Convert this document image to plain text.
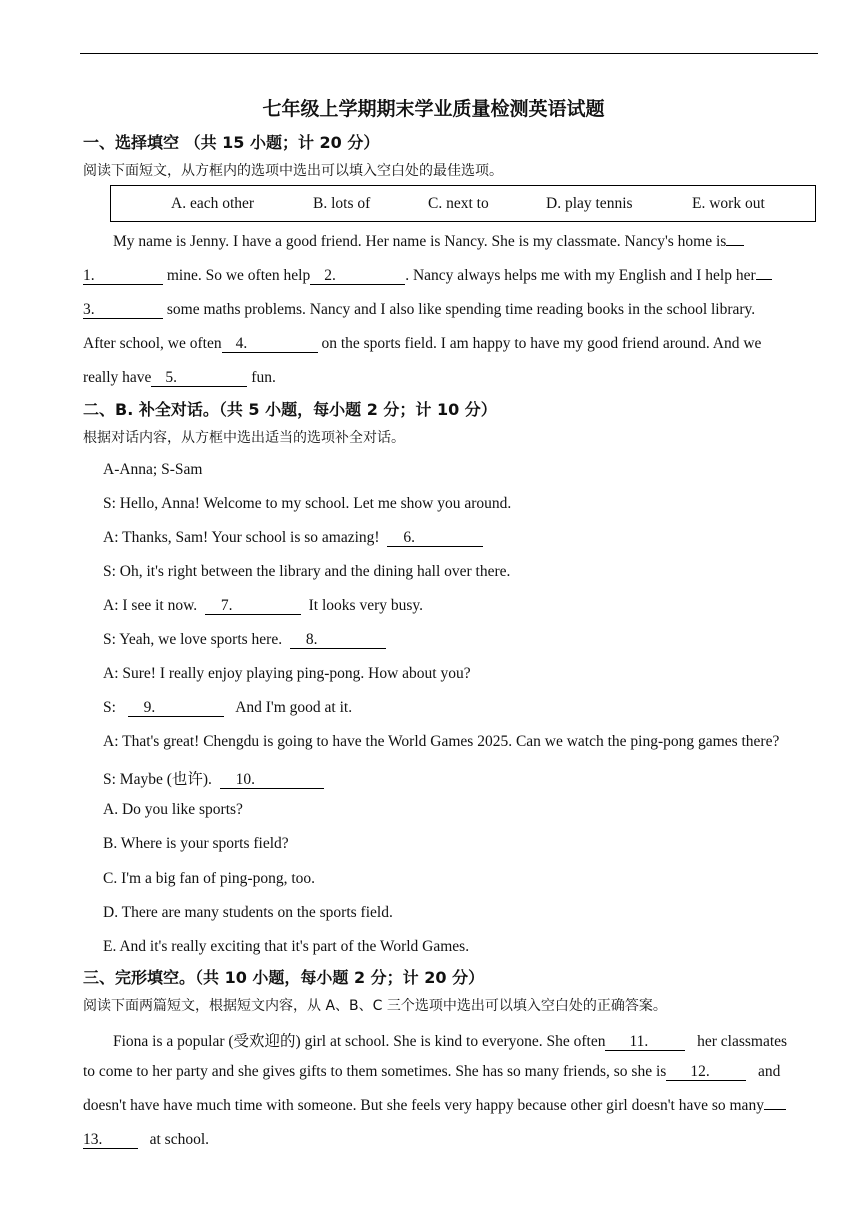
七年级上学期期末学业质量检测英语试题
一、选择填空 （共 15 小题；计 20 分）
阅读下面短文，从方框内的选项中选出可以填入空白处的最佳选项。
A. each other	B. lots of	C. next to	D. play tennis	E. work out
My name is Jenny. I have a good friend. Her name is Nancy. She is my classmate. Nancy's home is
1.	mine. So we often help 2.	. Nancy always helps me with my English and I help her
3.	some maths problems. Nancy and I also like spending time reading books in the school library.
After school, we often 4.	on the sports field. I am happy to have my good friend around. And we
really have 5.	fun.
二、B. 补全对话。（共 5 小题，每小题 2 分；计 10 分）
根据对话内容，从方框中选出适当的选项补全对话。
A-Anna; S-Sam
S: Hello, Anna! Welcome to my school. Let me show you around.
A: Thanks, Sam! Your school is so amazing! 6.
S: Oh, it's right between the library and the dining hall over there.
A: I see it now. 7.	It looks very busy.
S: Yeah, we love sports here. 8.
A: Sure! I really enjoy playing ping-pong. How about you?
S: 9.	And I'm good at it.
A: That's great! Chengdu is going to have the World Games 2025. Can we watch the ping-pong games there?
S: Maybe (也许). 10.
A. Do you like sports?
B. Where is your sports field?
C. I'm a big fan of ping-pong, too.
D. There are many students on the sports field.
E. And it's really exciting that it's part of the World Games.
三、完形填空。（共 10 小题，每小题 2 分；计 20 分）
阅读下面两篇短文，根据短文内容，从 A、B、C 三个选项中选出可以填入空白处的正确答案。
Fiona is a popular (受欢迎的) girl at school. She is kind to everyone. She often 11.	her classmates
to come to her party and she gives gifts to them sometimes. She has so many friends, so she is 12.	and
doesn't have have much time with someone. But she feels very happy because other girl doesn't have so many
13.	at school.
